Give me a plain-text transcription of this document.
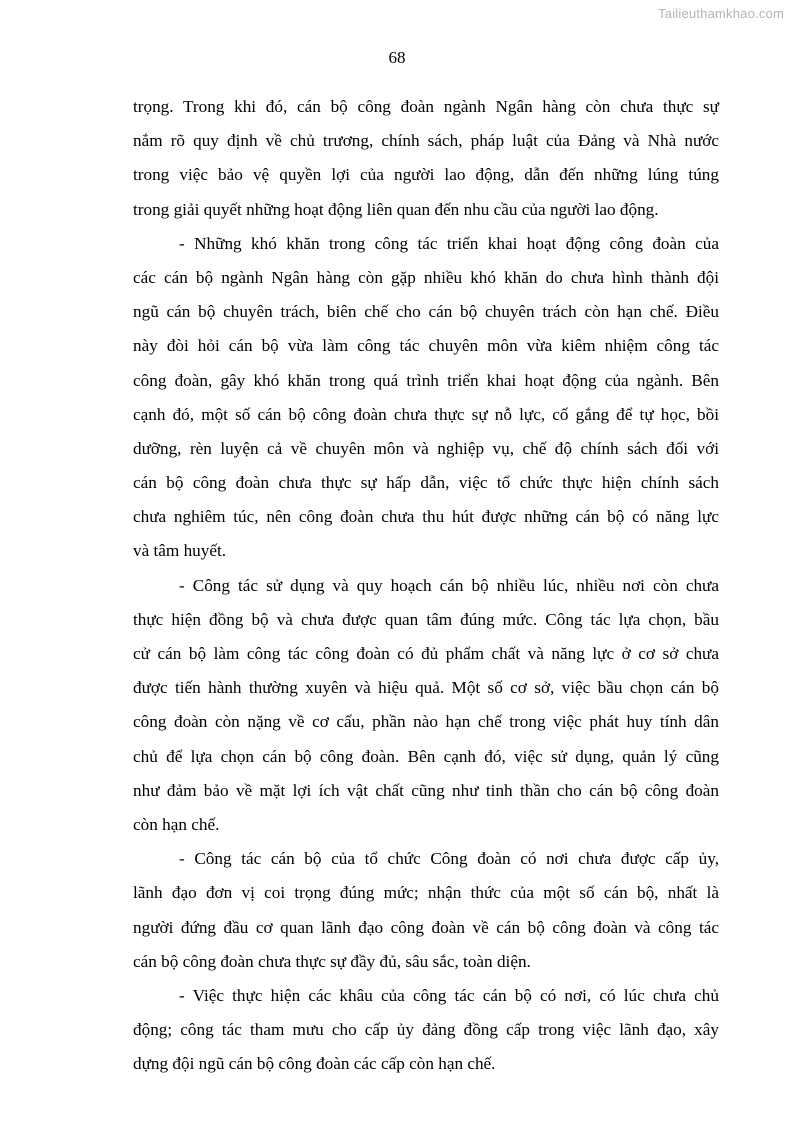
Tailieuthamkhao.com
68
trọng. Trong khi đó, cán bộ công đoàn ngành Ngân hàng còn chưa thực sự
nắm rõ quy định về chủ trương, chính sách, pháp luật của Đảng và Nhà nước
trong việc bảo vệ quyền lợi của người lao động, dẫn đến những lúng túng
trong giải quyết những hoạt động liên quan đến nhu cầu của người lao động.
- Những khó khăn trong công tác triển khai hoạt động công đoàn của
các cán bộ ngành Ngân hàng còn gặp nhiều khó khăn do chưa hình thành đội
ngũ cán bộ chuyên trách, biên chế cho cán bộ chuyên trách còn hạn chế. Điều
này đòi hỏi cán bộ vừa làm công tác chuyên môn vừa kiêm nhiệm công tác
công đoàn, gây khó khăn trong quá trình triển khai hoạt động của ngành. Bên
cạnh đó, một số cán bộ công đoàn chưa thực sự nỗ lực, cố gắng để tự học, bồi
dưỡng, rèn luyện cả về chuyên môn và nghiệp vụ, chế độ chính sách đối với
cán bộ công đoàn chưa thực sự hấp dẫn, việc tổ chức thực hiện chính sách
chưa nghiêm túc, nên công đoàn chưa thu hút được những cán bộ có năng lực
và tâm huyết.
- Công tác sử dụng và quy hoạch cán bộ nhiều lúc, nhiều nơi còn chưa
thực hiện đồng bộ và chưa được quan tâm đúng mức. Công tác lựa chọn, bầu
cử cán bộ làm công tác công đoàn có đủ phẩm chất và năng lực ở cơ sở chưa
được tiến hành thường xuyên và hiệu quả. Một số cơ sở, việc bầu chọn cán bộ
công đoàn còn nặng về cơ cấu, phần nào hạn chế trong việc phát huy tính dân
chủ để lựa chọn cán bộ công đoàn. Bên cạnh đó, việc sử dụng, quản lý cũng
như đảm bảo về mặt lợi ích vật chất cũng như tinh thần cho cán bộ công đoàn
còn hạn chế.
- Công tác cán bộ của tổ chức Công đoàn có nơi chưa được cấp ủy,
lãnh đạo đơn vị coi trọng đúng mức; nhận thức của một số cán bộ, nhất là
người đứng đầu cơ quan lãnh đạo công đoàn về cán bộ công đoàn và công tác
cán bộ công đoàn chưa thực sự đầy đủ, sâu sắc, toàn diện.
- Việc thực hiện các khâu của công tác cán bộ có nơi, có lúc chưa chủ
động; công tác tham mưu cho cấp ủy đảng đồng cấp trong việc lãnh đạo, xây
dựng đội ngũ cán bộ công đoàn các cấp còn hạn chế.
